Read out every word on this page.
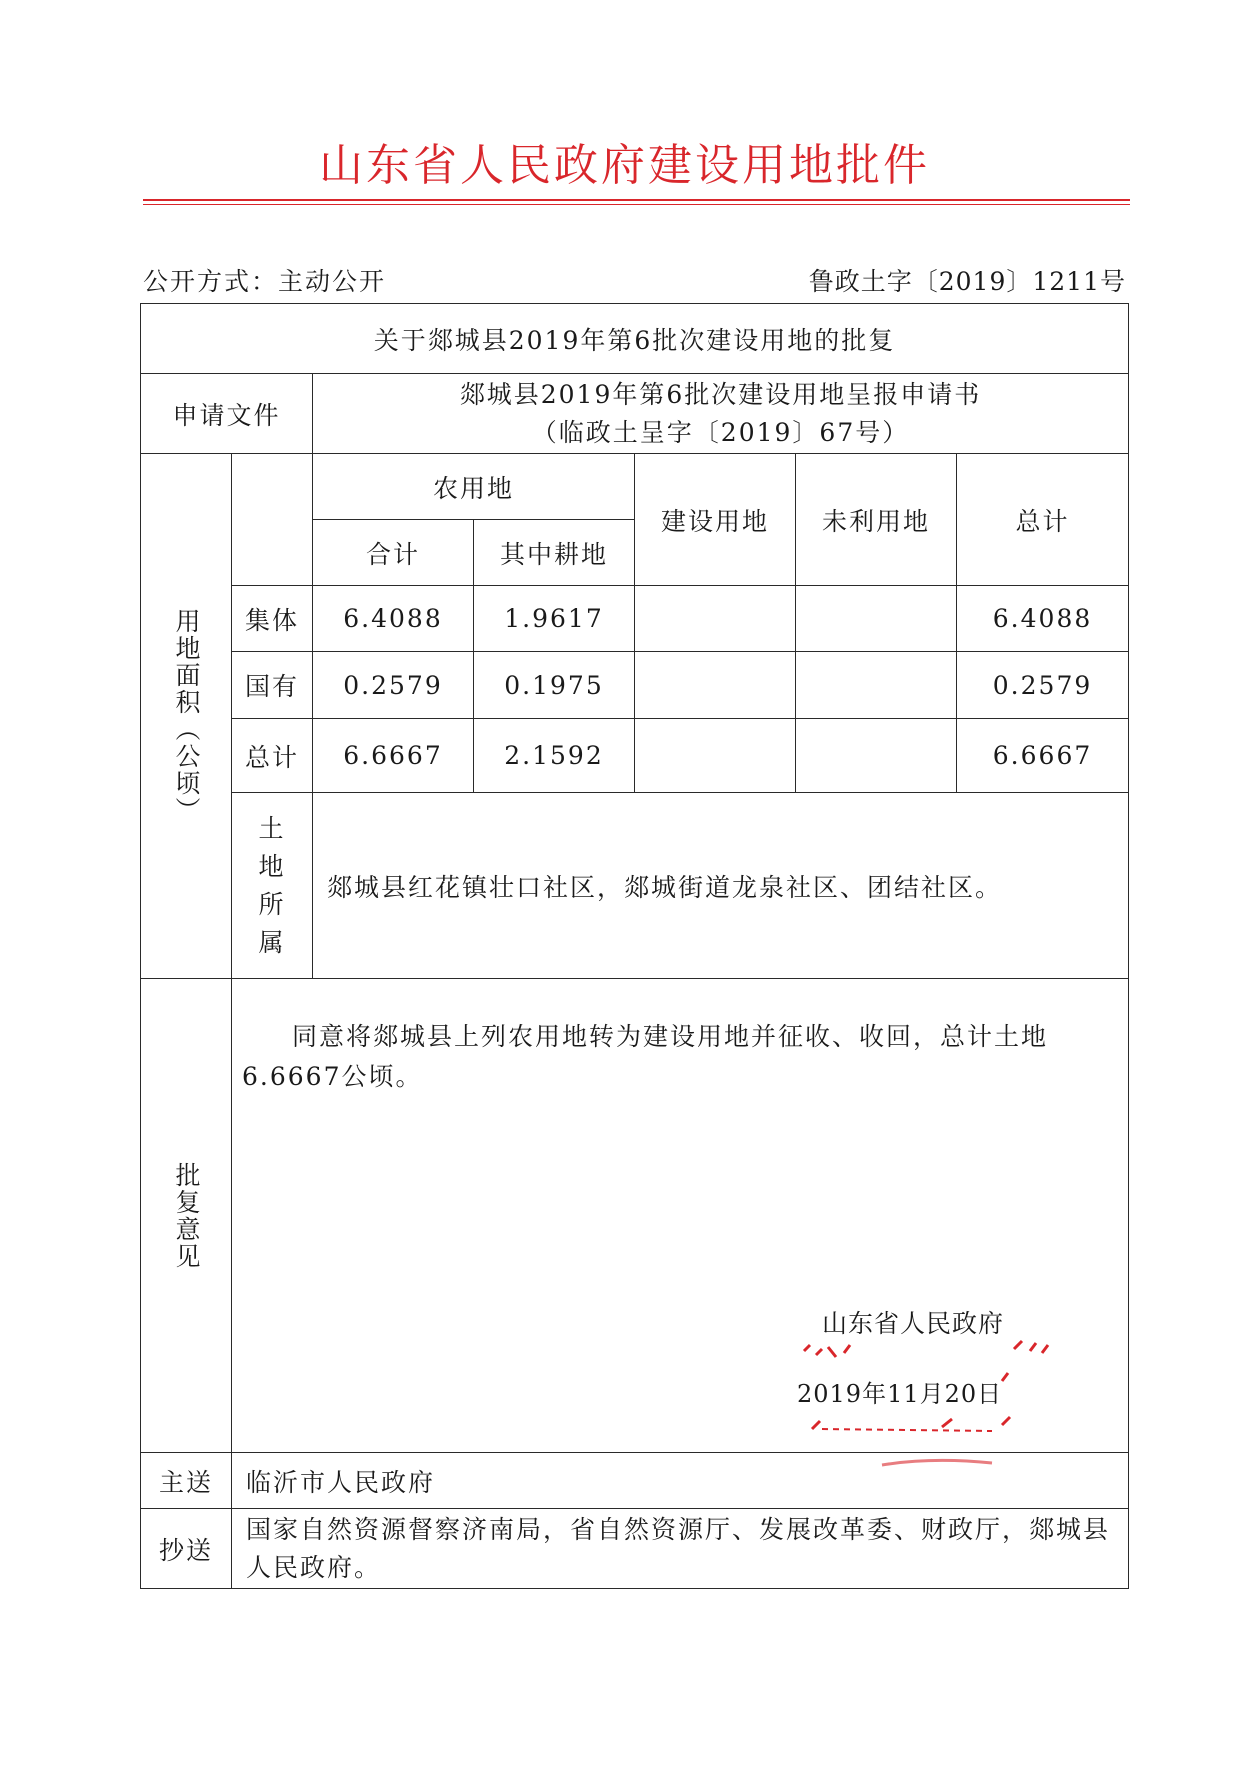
山东省人民政府建设用地批件
公开方式：主动公开	鲁政土字〔2019〕1211号
关于郯城县2019年第6批次建设用地的批复						
申请文件		郯城县2019年第6批次建设用地呈报申请书
（临政土呈字〔2019〕67号）				

用地面积（公顷）		农用地		建设用地	未利用地	总计
		合计	其中耕地			
	集体	6.4088	1.9617			6.4088
	国有	0.2579	0.1975			0.2579
	总计	6.6667	2.1592			6.6667

	土地所属	郯城县红花镇壮口社区，郯城街道龙泉社区、团结社区。				

批复意见	同意将郯城县上列农用地转为建设用地并征收、收回，总计土地6.6667公顷。
山东省人民政府
2019年11月20日					

主送	临沂市人民政府					
抄送	国家自然资源督察济南局，省自然资源厅、发展改革委、财政厅，郯城县人民政府。					
